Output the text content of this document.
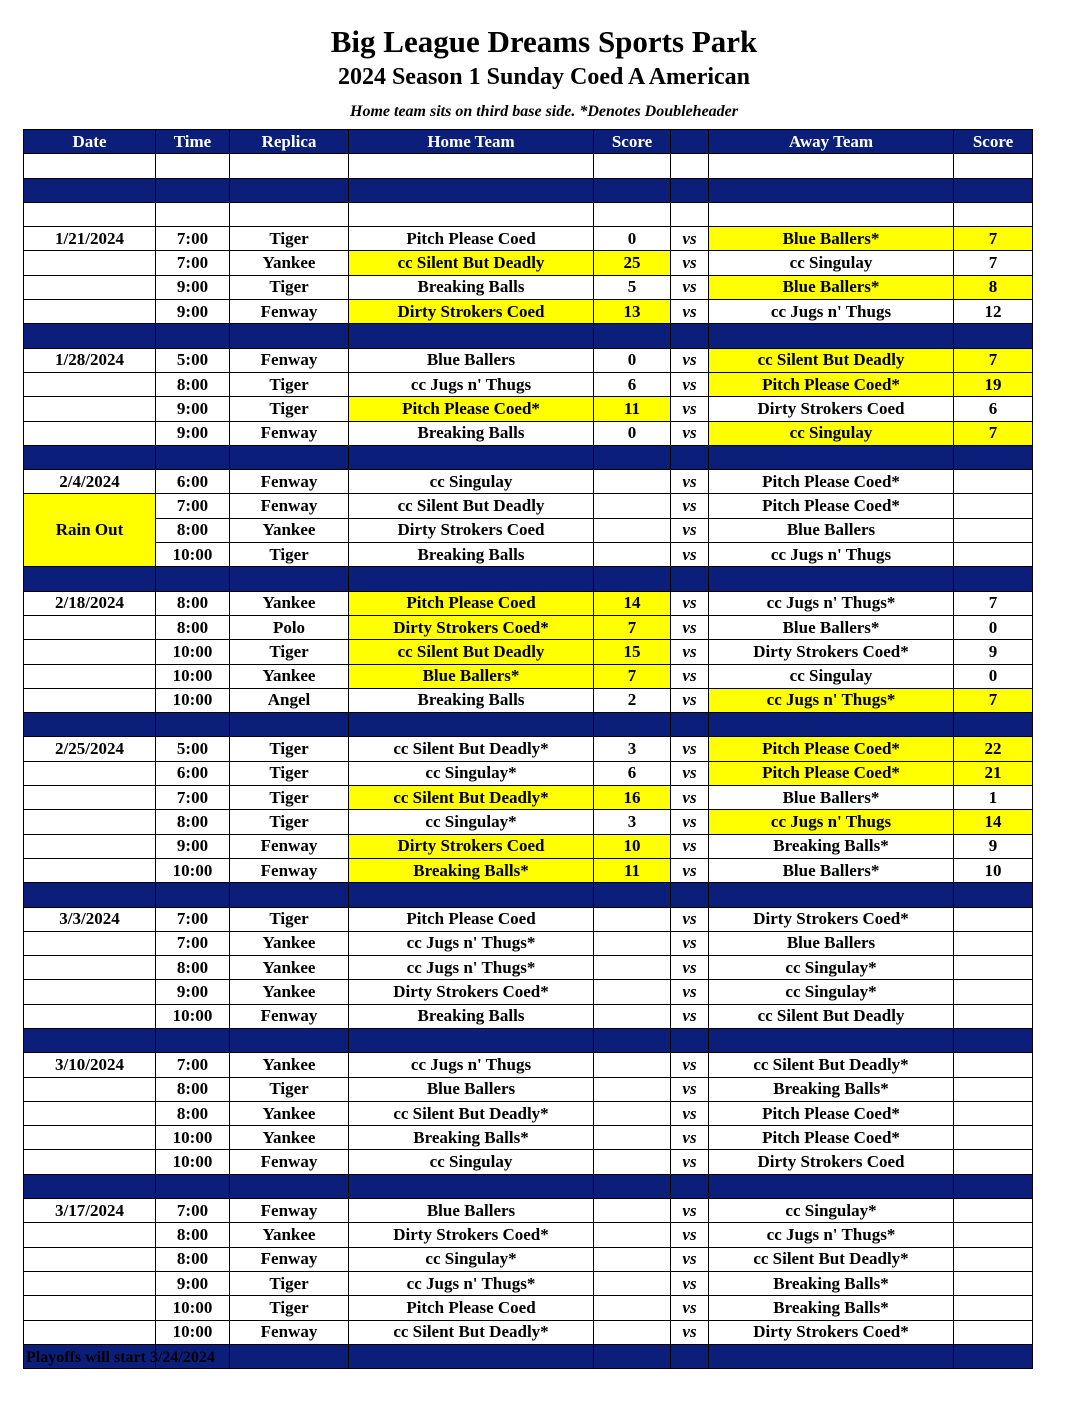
Big League Dreams Sports Park
2024 Season 1 Sunday Coed A American
Home team sits on third base side. *Denotes Doubleheader
Date	Time	Replica	Home Team	Score		Away Team	Score

1/21/2024	7:00	Tiger	Pitch Please Coed	0	vs	Blue Ballers*	7
	7:00	Yankee	cc Silent But Deadly	25	vs	cc Singulay	7
	9:00	Tiger	Breaking Balls	5	vs	Blue Ballers*	8
	9:00	Fenway	Dirty Strokers Coed	13	vs	cc Jugs n' Thugs	12

1/28/2024	5:00	Fenway	Blue Ballers	0	vs	cc Silent But Deadly	7
	8:00	Tiger	cc Jugs n' Thugs	6	vs	Pitch Please Coed*	19
	9:00	Tiger	Pitch Please Coed*	11	vs	Dirty Strokers Coed	6
	9:00	Fenway	Breaking Balls	0	vs	cc Singulay	7

2/4/2024	6:00	Fenway	cc Singulay		vs	Pitch Please Coed*	
Rain Out	7:00	Fenway	cc Silent But Deadly		vs	Pitch Please Coed*	
	8:00	Yankee	Dirty Strokers Coed		vs	Blue Ballers	
	10:00	Tiger	Breaking Balls		vs	cc Jugs n' Thugs	

2/18/2024	8:00	Yankee	Pitch Please Coed	14	vs	cc Jugs n' Thugs*	7
	8:00	Polo	Dirty Strokers Coed*	7	vs	Blue Ballers*	0
	10:00	Tiger	cc Silent But Deadly	15	vs	Dirty Strokers Coed*	9
	10:00	Yankee	Blue Ballers*	7	vs	cc Singulay	0
	10:00	Angel	Breaking Balls	2	vs	cc Jugs n' Thugs*	7

2/25/2024	5:00	Tiger	cc Silent But Deadly*	3	vs	Pitch Please Coed*	22
	6:00	Tiger	cc Singulay*	6	vs	Pitch Please Coed*	21
	7:00	Tiger	cc Silent But Deadly*	16	vs	Blue Ballers*	1
	8:00	Tiger	cc Singulay*	3	vs	cc Jugs n' Thugs	14
	9:00	Fenway	Dirty Strokers Coed	10	vs	Breaking Balls*	9
	10:00	Fenway	Breaking Balls*	11	vs	Blue Ballers*	10

3/3/2024	7:00	Tiger	Pitch Please Coed		vs	Dirty Strokers Coed*	
	7:00	Yankee	cc Jugs n' Thugs*		vs	Blue Ballers	
	8:00	Yankee	cc Jugs n' Thugs*		vs	cc Singulay*	
	9:00	Yankee	Dirty Strokers Coed*		vs	cc Singulay*	
	10:00	Fenway	Breaking Balls		vs	cc Silent But Deadly	

3/10/2024	7:00	Yankee	cc Jugs n' Thugs		vs	cc Silent But Deadly*	
	8:00	Tiger	Blue Ballers		vs	Breaking Balls*	
	8:00	Yankee	cc Silent But Deadly*		vs	Pitch Please Coed*	
	10:00	Yankee	Breaking Balls*		vs	Pitch Please Coed*	
	10:00	Fenway	cc Singulay		vs	Dirty Strokers Coed	

3/17/2024	7:00	Fenway	Blue Ballers		vs	cc Singulay*	
	8:00	Yankee	Dirty Strokers Coed*		vs	cc Jugs n' Thugs*	
	8:00	Fenway	cc Singulay*		vs	cc Silent But Deadly*	
	9:00	Tiger	cc Jugs n' Thugs*		vs	Breaking Balls*	
	10:00	Tiger	Pitch Please Coed		vs	Breaking Balls*	
	10:00	Fenway	cc Silent But Deadly*		vs	Dirty Strokers Coed*	

Playoffs will start 3/24/2024
